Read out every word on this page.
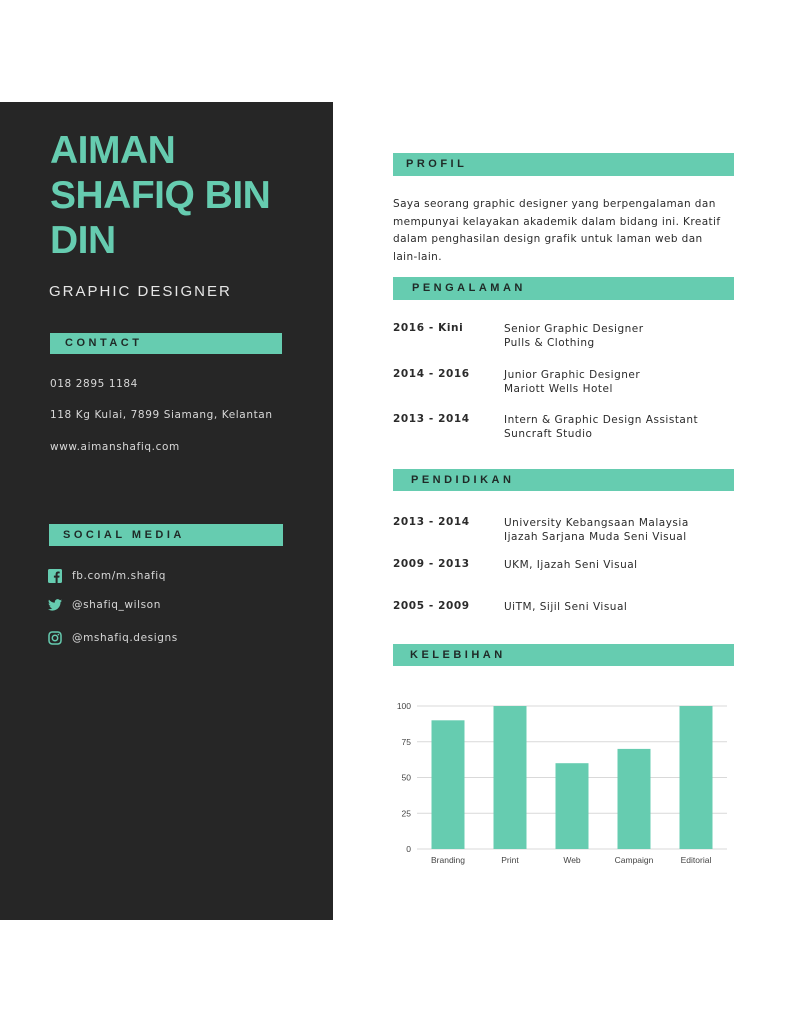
AIMAN
SHAFIQ BIN
DIN
GRAPHIC DESIGNER
CONTACT
018 2895 1184
118 Kg Kulai, 7899 Siamang, Kelantan
www.aimanshafiq.com
SOCIAL MEDIA
fb.com/m.shafiq
@shafiq_wilson
@mshafiq.designs
PROFIL
Saya seorang graphic designer yang berpengalaman dan
mempunyai kelayakan akademik dalam bidang ini. Kreatif
dalam penghasilan design grafik untuk laman web dan
lain-lain.
PENGALAMAN
2016 - Kini	Senior Graphic Designer
Pulls & Clothing
2014 - 2016	Junior Graphic Designer
Mariott Wells Hotel
2013 - 2014	Intern & Graphic Design Assistant
Suncraft Studio
PENDIDIKAN
2013 - 2014	University Kebangsaan Malaysia
Ijazah Sarjana Muda Seni Visual
2009 - 2013	UKM, Ijazah Seni Visual
2005 - 2009	UiTM, Sijil Seni Visual
KELEBIHAN
0
25
50
75
100
Branding	Print	Web	Campaign	Editorial
